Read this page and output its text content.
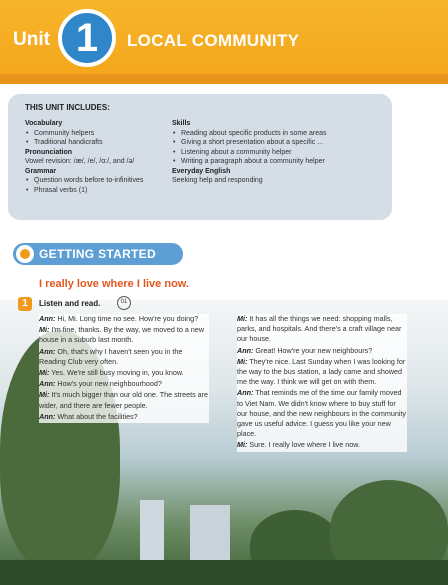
Unit 1	LOCAL COMMUNITY
THIS UNIT INCLUDES:
Vocabulary
• Community helpers
• Traditional handicrafts
Pronunciation
Vowel revision: /æ/, /e/, /ɑ:/, and /ə/
Grammar
• Question words before to-infinitives
• Phrasal verbs (1)
Skills
• Reading about specific products in some areas
• Giving a short presentation about a specific ...
• Listening about a community helper
• Writing a paragraph about a community helper
Everyday English
Seeking help and responding
GETTING STARTED
I really love where I live now.
1	Listen and read.	01

Ann: Hi, Mi. Long time no see. How're you doing?

Mi: I'm fine, thanks. By the way, we moved to a new house in a suburb last month.

Ann: Oh, that's why I haven't seen you in the Reading Club very often.

Mi: Yes. We're still busy moving in, you know.

Ann: How's your new neighbourhood?

Mi: It's much bigger than our old one. The streets are wider, and there are fewer people.

Ann: What about the facilities?

Mi: It has all the things we need: shopping malls, parks, and hospitals. And there's a craft village near our house.

Ann: Great! How're your new neighbours?

Mi: They're nice. Last Sunday when I was looking for the way to the bus station, a lady came and showed me the way. I think we will get on with them.

Ann: That reminds me of the time our family moved to Viet Nam. We didn't know where to buy stuff for our house, and the new neighbours in the community gave us useful advice. I guess you like your new place.

Mi: Sure. I really love where I live now.
